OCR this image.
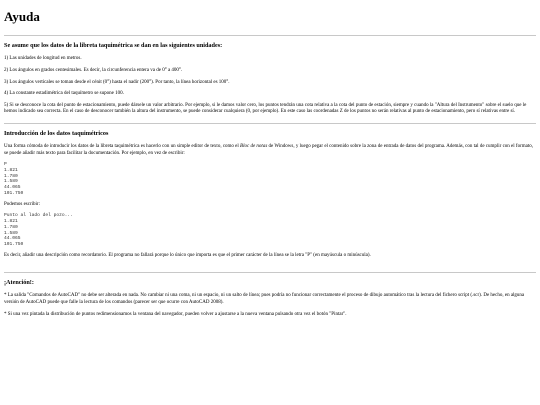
Ayuda
Se asume que los datos de la libreta taquimétrica se dan en las siguientes unidades:

1) Las unidades de longitud en metros.

2) Los ángulos en grados centesimales. Es decir, la circunferencia entera va de 0° a 400°.

3) Los ángulos verticales se toman desde el cénit (0°) hasta el nadir (200°). Por tanto, la línea horizontal es 100°.

4) La constante estadimétrica del taquímetro se supone 100.

5) Si se desconoce la cota del punto de estacionamiento, puede dársele un valor arbitrario. Por ejemplo, si le damos valor cero, los puntos tendrán una cota relativa a la cota del punto de estación, siempre y cuando la "Altura del Instrumento" sobre el suelo que le hemos indicado sea correcta. En el caso de desconocer también la altura del instrumento, se puede considerar cualquiera (0, por ejemplo). En este caso las coordenadas Z de los puntos no serán relativas al punto de estacionamiento, pero sí relativas entre sí.

Introducción de los datos taquimétricos

Una forma cómoda de introducir los datos de la libreta taquimétrica es hacerlo con un simple editor de texto, como el Bloc de notas de Windows, y luego pegar el contenido sobre la zona de entrada de datos del programa. Además, con tal de cumplir con el formato, se puede añadir más texto para facilitar la documentación. Por ejemplo, en vez de escribir:

P
1.821
1.780
1.589
44.065
101.750

Podemos escribir:

Punto al lado del pozo...
1.821
1.780
1.589
44.065
101.750

Es decir, añadir una descripción como recordatorio. El programa no fallará porque lo único que importa es que el primer carácter de la línea se la letra "P" (en mayúscula o minúscula).

¡Atención!:

* La salida "Comandos de AutoCAD" no debe ser alterada en nada. No cambiar ni una coma, ni un espacio, ni un salto de línea; pues podría no funcionar correctamente el proceso de dibujo automático tras la lectura del fichero script (.scr). De hecho, en alguna versión de AutoCAD puede que falle la lectura de los comandos (parecer ser que ocurre con AutoCAD 2008).

* Si una vez pintada la distribución de puntos redimensionamos la ventana del navegador, pueden volver a ajustarse a la nueva ventana pulsando otra vez el botón "Pintar".
